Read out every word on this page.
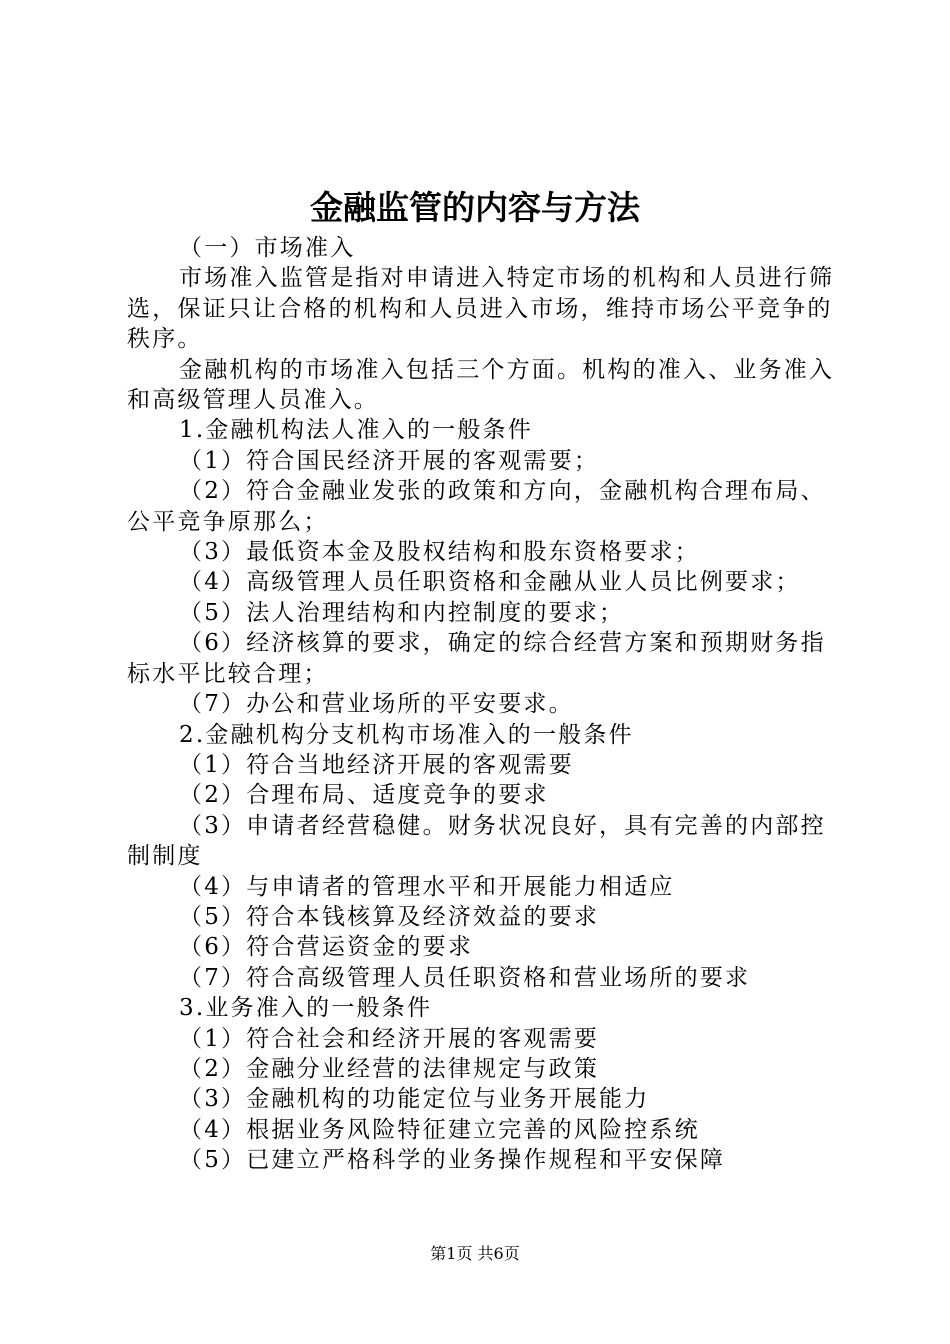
金融监管的内容与方法

（一）市场准入

市场准入监管是指对申请进入特定市场的机构和人员进行筛选，保证只让合格的机构和人员进入市场，维持市场公平竞争的秩序。

金融机构的市场准入包括三个方面。机构的准入、业务准入和高级管理人员准入。

1.金融机构法人准入的一般条件

（1）符合国民经济开展的客观需要；

（2）符合金融业发张的政策和方向，金融机构合理布局、公平竞争原那么；

（3）最低资本金及股权结构和股东资格要求；

（4）高级管理人员任职资格和金融从业人员比例要求；

（5）法人治理结构和内控制度的要求；

（6）经济核算的要求，确定的综合经营方案和预期财务指标水平比较合理；

（7）办公和营业场所的平安要求。

2.金融机构分支机构市场准入的一般条件

（1）符合当地经济开展的客观需要

（2）合理布局、适度竞争的要求

（3）申请者经营稳健。财务状况良好，具有完善的内部控制制度

（4）与申请者的管理水平和开展能力相适应

（5）符合本钱核算及经济效益的要求

（6）符合营运资金的要求

（7）符合高级管理人员任职资格和营业场所的要求

3.业务准入的一般条件

（1）符合社会和经济开展的客观需要

（2）金融分业经营的法律规定与政策

（3）金融机构的功能定位与业务开展能力

（4）根据业务风险特征建立完善的风险控系统

（5）已建立严格科学的业务操作规程和平安保障

第1页 共6页
